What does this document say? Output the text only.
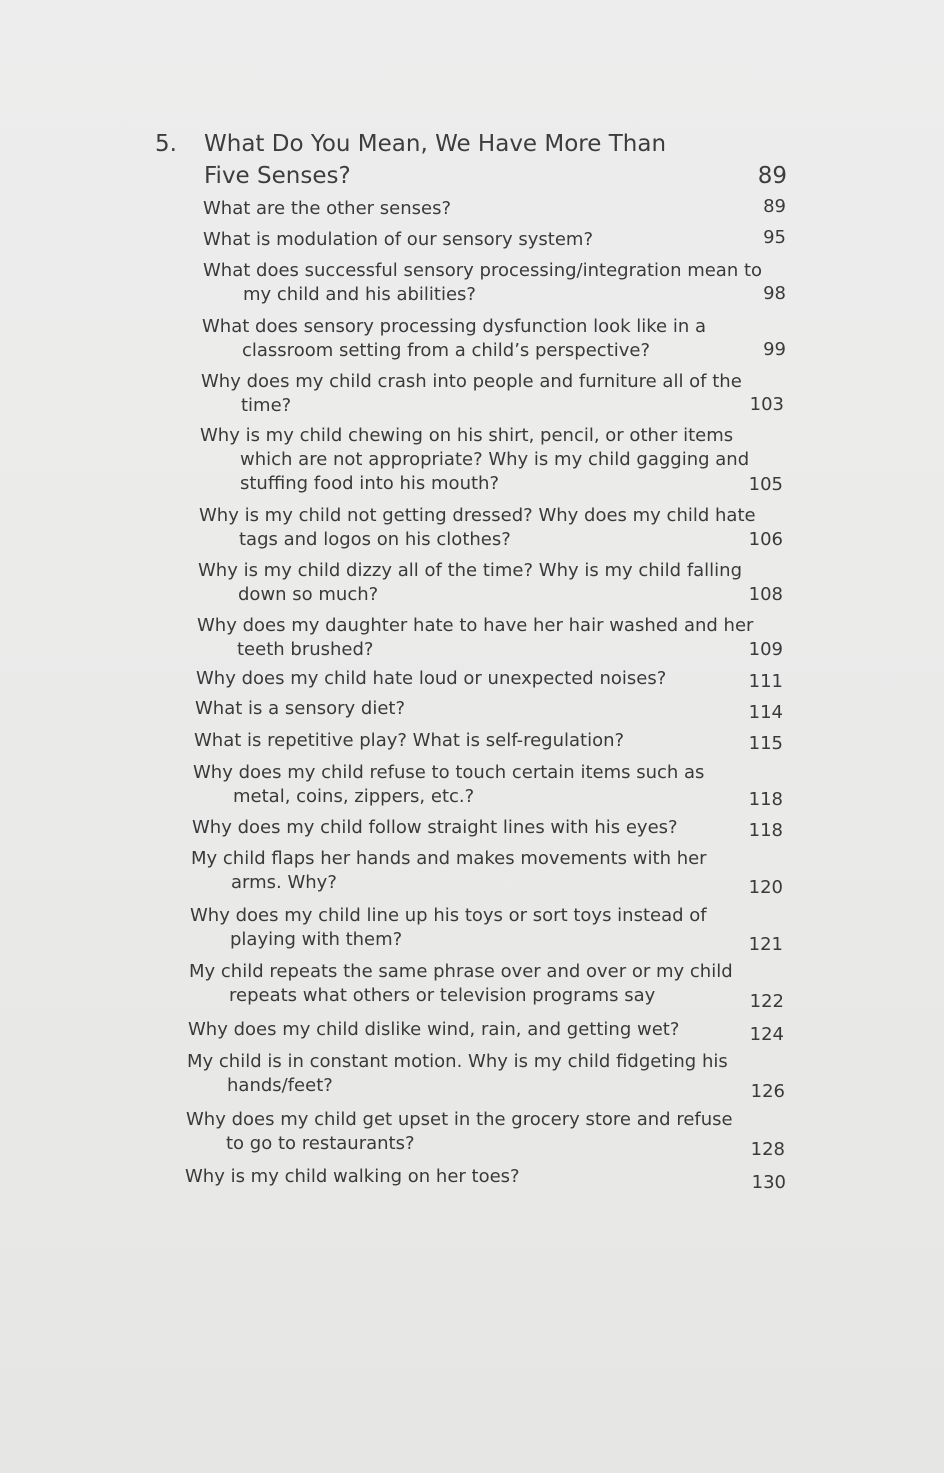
5.	What Do You Mean, We Have More Than Five Senses?	89
What are the other senses?	89
What is modulation of our sensory system?	95
What does successful sensory processing/integration mean to my child and his abilities?	98
What does sensory processing dysfunction look like in a classroom setting from a child’s perspective?	99
Why does my child crash into people and furniture all of the time?	103
Why is my child chewing on his shirt, pencil, or other items which are not appropriate? Why is my child gagging and stuffing food into his mouth?	105
Why is my child not getting dressed? Why does my child hate tags and logos on his clothes?	106
Why is my child dizzy all of the time? Why is my child falling down so much?	108
Why does my daughter hate to have her hair washed and her teeth brushed?	109
Why does my child hate loud or unexpected noises?	111
What is a sensory diet?	114
What is repetitive play? What is self-regulation?	115
Why does my child refuse to touch certain items such as metal, coins, zippers, etc.?	118
Why does my child follow straight lines with his eyes?	118
My child flaps her hands and makes movements with her arms. Why?	120
Why does my child line up his toys or sort toys instead of playing with them?	121
My child repeats the same phrase over and over or my child repeats what others or television programs say	122
Why does my child dislike wind, rain, and getting wet?	124
My child is in constant motion. Why is my child fidgeting his hands/feet?	126
Why does my child get upset in the grocery store and refuse to go to restaurants?	128
Why is my child walking on her toes?	130
